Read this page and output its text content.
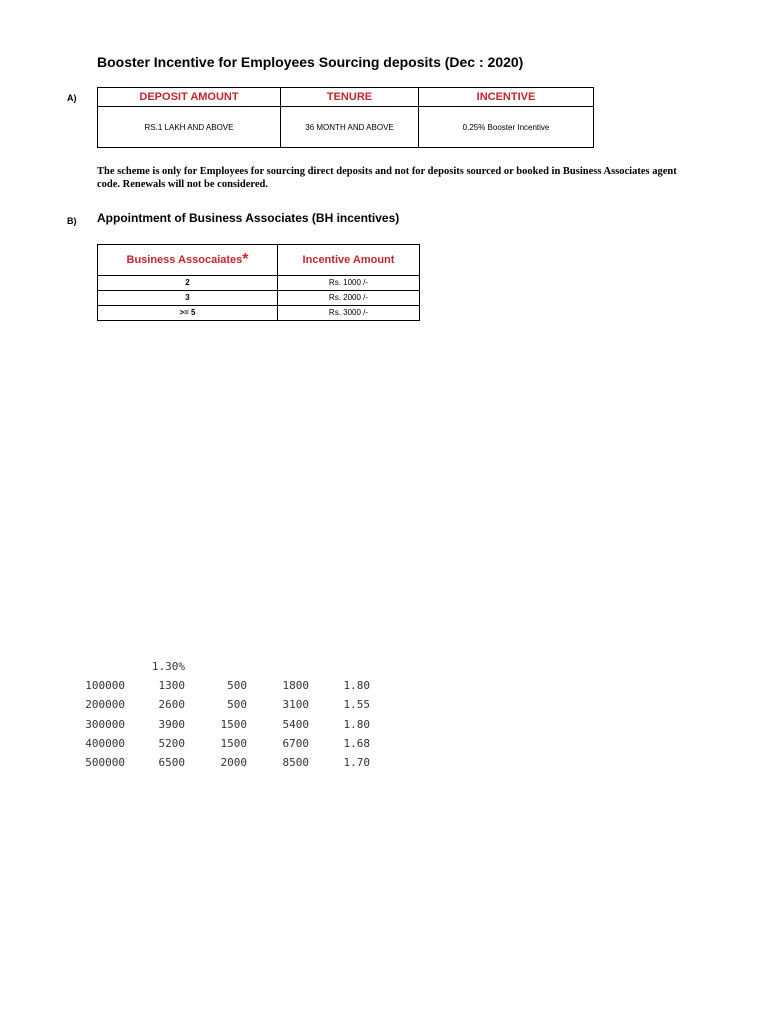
Booster Incentive for Employees Sourcing deposits (Dec : 2020)
A)	DEPOSIT AMOUNT	TENURE	INCENTIVE
RS.1 LAKH AND ABOVE	36 MONTH AND ABOVE	0.25% Booster Incentive
The scheme is only for Employees for sourcing direct deposits and not for deposits sourced or booked in Business Associates agent code. Renewals will not be considered.
B) Appointment of Business Associates (BH incentives)
Business Assocaiates*	Incentive Amount
2	Rs. 1000 /-
3	Rs. 2000 /-
>= 5	Rs. 3000 /-
1.30%
100000	1300	500	1800	1.80
200000	2600	500	3100	1.55
300000	3900	1500	5400	1.80
400000	5200	1500	6700	1.68
500000	6500	2000	8500	1.70
